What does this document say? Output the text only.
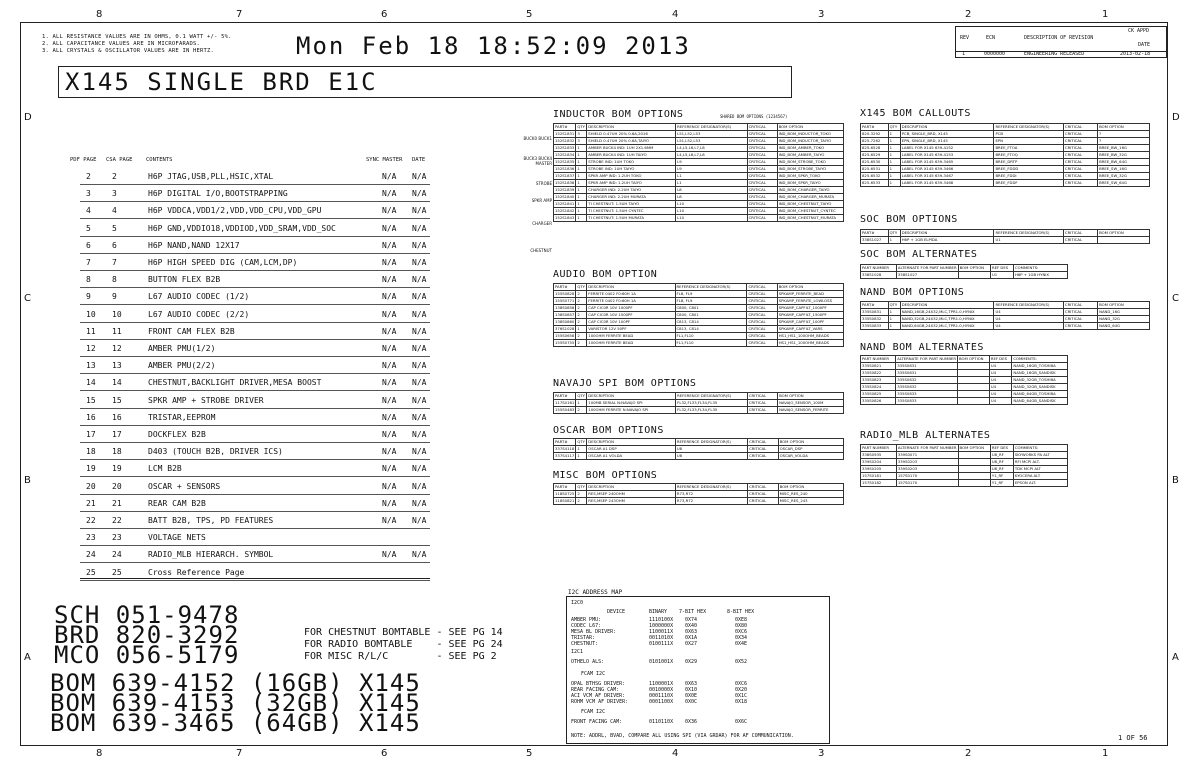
8
8
7
7
6
6
5
5
4
4
3
3
2
2
1
1
D	D
C	C
B	B
A	A
1. ALL RESISTANCE VALUES ARE IN OHMS, 0.1 WATT +/- 5%.
2. ALL CAPACITANCE VALUES ARE IN MICROFARADS.
3. ALL CRYSTALS & OSCILLATOR VALUES ARE IN HERTZ.	Mon Feb 18 18:52:09 2013
X145 SINGLE BRD E1C
REV	ECN	DESCRIPTION OF REVISION
CK APPD
DATE
1	0000000	ENGINEERING RELEASED	2013-02-18
PDF PAGE CSA PAGE CONTENTS	SYNC MASTER DATE
2	2	H6P JTAG,USB,PLL,HSIC,XTAL	N/A N/A
3	3	H6P DIGITAL I/O,BOOTSTRAPPING	N/A N/A
4	4	H6P VDDCA,VDD1/2,VDD,VDD_CPU,VDD_GPU	N/A N/A
5	5	H6P GND,VDDIO18,VDDIOD,VDD_SRAM,VDD_SOC	N/A N/A
6	6	H6P NAND,NAND 12X17	N/A N/A
7	7	H6P HIGH SPEED DIG (CAM,LCM,DP)	N/A N/A
8	8	BUTTON FLEX B2B	N/A N/A
9	9	L67 AUDIO CODEC (1/2)	N/A N/A
10 10	L67 AUDIO CODEC (2/2)	N/A N/A
11 11	FRONT CAM FLEX B2B	N/A N/A
12 12	AMBER PMU(1/2)	N/A N/A
13 13	AMBER PMU(2/2)	N/A N/A
14 14	CHESTNUT,BACKLIGHT DRIVER,MESA BOOST	N/A N/A
15 15	SPKR AMP + STROBE DRIVER	N/A N/A
16 16	TRISTAR,EEPROM	N/A N/A
17 17	DOCKFLEX B2B	N/A N/A
18 18	D403 (TOUCH B2B, DRIVER ICS)	N/A N/A
19 19	LCM B2B	N/A N/A
20 20	OSCAR + SENSORS	N/A N/A
21 21	REAR CAM B2B	N/A N/A
22 22	BATT B2B, TPS, PD FEATURES	N/A N/A
23 23	VOLTAGE NETS
24 24	RADIO_MLB HIERARCH. SYMBOL	N/A N/A
25 25	Cross Reference Page
INDUCTOR BOM OPTIONS	SHARED BOM OPTIONS (1234567)
AUDIO BOM OPTION
NAVAJO SPI BOM OPTIONS
OSCAR BOM OPTIONS
MISC BOM OPTIONS
X145 BOM CALLOUTS
SOC BOM OPTIONS
SOC BOM ALTERNATES
NAND BOM OPTIONS
NAND BOM ALTERNATES
RADIO_MLB ALTERNATES
PART#	QTY	DESCRIPTION	REFERENCE DESIGNATOR(S)	CRITICAL	BOM OPTION
152S1831	3	SHIELD 0.47UH 20% 0.6A,2016	L51,L52,L53	CRITICAL	IND_BOM_INDUCTOR_TOKO
152S1832	3	SHIELD 0.47UH 20% 0.6A,TAIYO	L51,L52,L53	CRITICAL	IND_BOM_INDUCTOR_TAIYO
152S1833	1	AMBER BUCK4 IND: 1UH 2X1.6MM	L4,L5,L6,L7,L8	CRITICAL	IND_BOM_AMBER_TOKO
152S1834	1	AMBER BUCK4 IND: 1UH TAIYO	L4,L5,L6,L7,L8	CRITICAL	IND_BOM_AMBER_TAIYO
152S1835	1	STROBE IND: 1UH TOKO	L9	CRITICAL	IND_BOM_STROBE_TOKO
152S1836	1	STROBE IND: 1UH TAIYO	L9	CRITICAL	IND_BOM_STROBE_TAIYO
152S1837	1	SPKR AMP IND: 1.2UH TOKO	L1	CRITICAL	IND_BOM_SPKR_TOKO
152S1838	1	SPKR AMP IND: 1.2UH TAIYO	L1	CRITICAL	IND_BOM_SPKR_TAIYO
152S1839	1	CHARGER IND: 2.2UH TAIYO	L8	CRITICAL	IND_BOM_CHARGER_TAIYO
152S1840	1	CHARGER IND: 2.2UH MURATA	L8	CRITICAL	IND_BOM_CHARGER_MURATA
152S1841	1	TI CHESTNUT: 1.5UH TAIYO	L10	CRITICAL	IND_BOM_CHESTNUT_TAIYO
152S1842	1	TI CHESTNUT: 1.5UH CYNTEC	L10	CRITICAL	IND_BOM_CHESTNUT_CYNTEC
152S1843	1	TI CHESTNUT: 1.5UH MURATA	L10	CRITICAL	IND_BOM_CHESTNUT_MURATA
PART#	QTY	DESCRIPTION	REFERENCE DESIGNATOR(S)	CRITICAL	BOM OPTION
155S0828	2	FERRITE 0402 F0:60H 1A	FL8, FL9	CRITICAL	SPKAMP_FERRITE_BEAD
155S0771	2	FERRITE 0402 F0:60H 1A	FL8, FL9	CRITICAL	SPKAMP_FERRITE_LOWLOSS
138S0858	2	CAP CIC0R 10V 1000PF	C800, C801	CRITICAL	SPKAMP_CAPFILT_1000PF
138S0857	2	CAP CIC0R 10V 1500PF	C800, C801	CRITICAL	SPKAMP_CAPFILT_1500PF
138S0860	2	CAP CIC0R 10V 100PF	C813, C814	CRITICAL	SPKAMP_CAPFILT_100PF
376S1028	1	VARISTOR 12V 50PF	C813, C814	CRITICAL	SPKAMP_CAPFILT_VARS
155S0658	2	100OHM FERRITE BEAD	FL1,FL10	CRITICAL	HS1_HS1_100OHM_BEADS
155S0755	2	100OHM FERRITE BEAD	FL1,FL10	CRITICAL	HS1_HS1_100OHM_BEADS
PART#	QTY	DESCRIPTION	REFERENCE DESIGNATOR(S)	CRITICAL	BOM OPTION
117S0161	1	100MB SERIAL N:NAVAJO SPI	FL32,FL33,FL34,FL35	CRITICAL	NAVAJO_SENSOR_100M
155S0483	2	100OHM FERRITE N:NAVAJO SPI	FL32,FL33,FL34,FL35	CRITICAL	NAVAJO_SENSOR_FERRITE
PART#	QTY	DESCRIPTION	REFERENCE DESIGNATOR(S)	CRITICAL	BOM OPTION
337S4118	1	OSCAR A1 DSP	U8	CRITICAL	OSCAR_DSP
337S4117	1	OSCAR A1 VOLDA	U8	CRITICAL	OSCAR_VOLDA
PART#	QTY	DESCRIPTION	REFERENCE DESIGNATOR(S)	CRITICAL	BOM OPTION
118S0725	2	RES,MSEP 240OHM	R73,R72	CRITICAL	MISC_RES_240
118S0821	2	RES,MSEP 243OHM	R73,R72	CRITICAL	MISC_RES_243
PART#	QTY	DESCRIPTION	REFERENCE DESIGNATOR(S)	CRITICAL	BOM OPTION
820-3292	1	PCB, SINGLE_BRD, X145	PCB	CRITICAL	?
825-7262	1	EPN, SINGLE_BRD, X145	EPN	CRITICAL	?
825-6528	1	LABEL FOR X145 639-4152	BREE_FTOA	CRITICAL	BREE_BW_16G
825-6529	1	LABEL FOR X145 639-4153	BREE_FTOQ	CRITICAL	BREE_BW_32G
825-6530	1	LABEL FOR X145 639-3465	BREE_DRTP	CRITICAL	BREE_BW_64G
825-6531	1	LABEL FOR X145 639-3466	BREE_FDDD	CRITICAL	BREE_SW_16G
825-6532	1	LABEL FOR X145 639-3467	BREE_FDDI	CRITICAL	BREE_SW_32G
825-6533	1	LABEL FOR X145 639-3468	BREE_FDDF	CRITICAL	BREE_SW_64G
PART#	QTY	DESCRIPTION	REFERENCE DESIGNATOR(S)	CRITICAL	BOM OPTION
338S1027	1	H6P + 1GB ELPIDA	U1	CRITICAL	
PART NUMBER	ALTERNATE FOR PART NUMBER	BOM OPTION	REF DES	COMMENTS:
338S1028	338S1027		U1	H6P + 1GB HYNIX
PART#	QTY	DESCRIPTION	REFERENCE DESIGNATOR(S)	CRITICAL	BOM OPTION
335S0831	1	NAND,16GB,24X32,MLC,TPR1.0,HYNIX	U4	CRITICAL	NAND_16G
335S0832	1	NAND,32GB,24X32,MLC,TPR1.0,HYNIX	U4	CRITICAL	NAND_32G
335S0833	1	NAND,64GB,24X32,MLC,TPR1.0,HYNIX	U4	CRITICAL	NAND_64G
PART NUMBER	ALTERNATE FOR PART NUMBER	BOM OPTION	REF DES	COMMENTS:
335S0821	335S0831		U4	NAND_16GB_TOSHIBA
335S0822	335S0831		U4	NAND_16GB_SANDISK
335S0823	335S0832		U4	NAND_32GB_TOSHIBA
335S0824	335S0832		U4	NAND_32GB_SANDISK
335S0825	335S0833		U4	NAND_64GB_TOSHIBA
335S0826	335S0833		U4	NAND_64GB_SANDISK
PART NUMBER	ALTERNATE FOR PART NUMBER	BOM OPTION	REF DES	COMMENTS:
338S0935	339S0071		U8_RF	SKYWORKS PA ALT
339S0204	339S0203		U8_RF	RFI MCPI ALT.
339S0205	339S0203		U8_RF	TDK MCPI ALT
157S0181	157S0170		Y1_RF	KYOCERA ALT
157S0182	157S0170		Y1_RF	EPSON ALT.
BUCK0 BUCK1
BUCK3 BUCK4 MASTER
STROBE
SPKR AMP
CHARGER
CHESTNUT
SCH 051-9478
BRD 820-3292
MCO 056-5179
BOM 639-4152 (16GB) X145
BOM 639-4153 (32GB) X145
BOM 639-3465 (64GB) X145
FOR CHESTNUT BOMTABLE - SEE PG 14
FOR RADIO BOMTABLE    - SEE PG 24
FOR MISC R/L/C        - SEE PG 2
I2C ADDRESS MAP
I2C0
DEVICE	BINARY 7-BIT HEX	8-BIT HEX
AMBER PMU:	1110100X 0X74	0XE8
CODEC L67:	1000000X 0X40	0X80
MESA BL DRIVER:	1100011X 0X63	0XC6
TRISTAR:	0011010X 0X1A	0X34
CHESTNUT:	0100111X 0X27	0X4E
I2C1
OTHELO ALS:	0101001X 0X29	0X52
FCAM I2C
OPAL BTHSG DRIVER:	1100001X 0X63	0XC6
REAR FACING CAM:	0010000X 0X10	0X20
ACI VCM AF DRIVER:	0001110X 0X0E	0X1C
ROHM VCM AF DRIVER:	0001100X 0X0C	0X18
FCAM I2C
FRONT FACING CAM:	0110110X 0X36	0X6C
NOTE: ADDRL, BVAD, COMPARE ALL USING SPI (VIA GRDAR) FOR AF COMMUNICATION.	1 OF 56
